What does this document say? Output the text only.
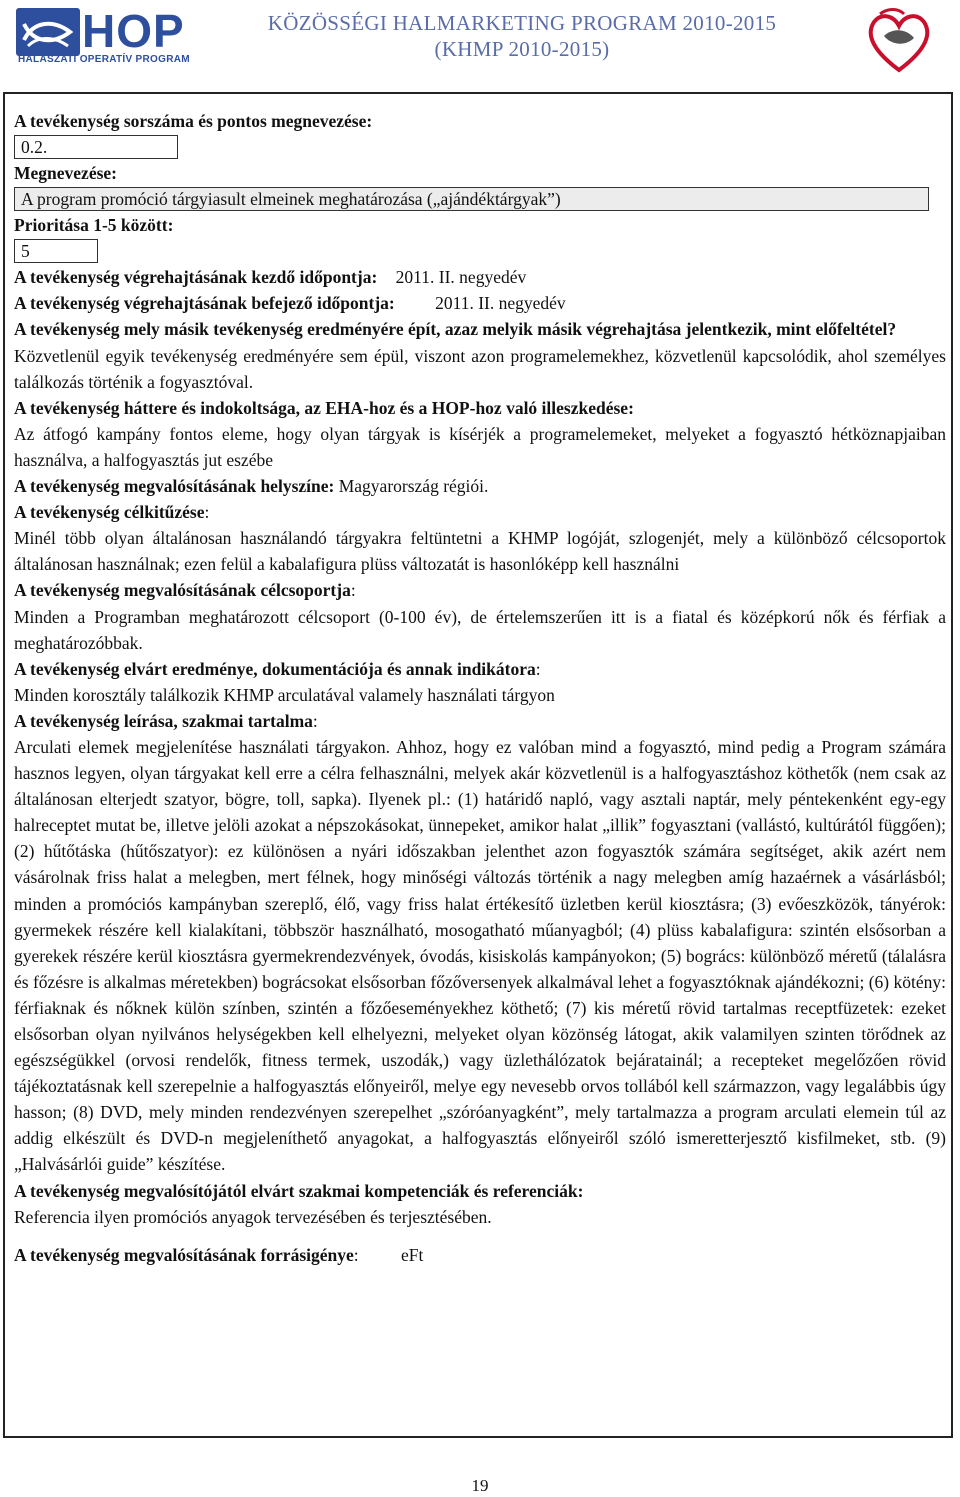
HOP
HALÁSZATI OPERATÍV PROGRAM
KÖZÖSSÉGI HALMARKETING PROGRAM 2010-2015
(KHMP 2010-2015)
A tevékenység sorszáma és pontos megnevezése:
0.2.
Megnevezése:
A program promóció tárgyiasult elmeinek meghatározása („ajándéktárgyak”)
Prioritása 1-5 között:
5
A tevékenység végrehajtásának kezdő időpontja: 2011. II. negyedév
A tevékenység végrehajtásának befejező időpontja: 2011. II. negyedév
A tevékenység mely másik tevékenység eredményére épít, azaz melyik másik végrehajtása jelentkezik, mint előfeltétel?
Közvetlenül egyik tevékenység eredményére sem épül, viszont azon programelemekhez, közvetlenül kapcsolódik, ahol személyes találkozás történik a fogyasztóval.
A tevékenység háttere és indokoltsága, az EHA-hoz és a HOP-hoz való illeszkedése:
Az átfogó kampány fontos eleme, hogy olyan tárgyak is kísérjék a programelemeket, melyeket a fogyasztó hétköznapjaiban használva, a halfogyasztás jut eszébe
A tevékenység megvalósításának helyszíne: Magyarország régiói.
A tevékenység célkitűzése:
Minél több olyan általánosan használandó tárgyakra feltüntetni a KHMP logóját, szlogenjét, mely a különböző célcsoportok általánosan használnak; ezen felül a kabalafigura plüss változatát is hasonlóképp kell használni
A tevékenység megvalósításának célcsoportja:
Minden a Programban meghatározott célcsoport (0-100 év), de értelemszerűen itt is a fiatal és középkorú nők és férfiak a meghatározóbbak.
A tevékenység elvárt eredménye, dokumentációja és annak indikátora:
Minden korosztály találkozik KHMP arculatával valamely használati tárgyon
A tevékenység leírása, szakmai tartalma:
Arculati elemek megjelenítése használati tárgyakon. Ahhoz, hogy ez valóban mind a fogyasztó, mind pedig a Program számára hasznos legyen, olyan tárgyakat kell erre a célra felhasználni, melyek akár közvetlenül is a halfogyasztáshoz köthetők (nem csak az általánosan elterjedt szatyor, bögre, toll, sapka). Ilyenek pl.: (1) határidő napló, vagy asztali naptár, mely péntekenként egy-egy halreceptet mutat be, illetve jelöli azokat a népszokásokat, ünnepeket, amikor halat „illik” fogyasztani (vallástó, kultúrától függően); (2) hűtőtáska (hűtőszatyor): ez különösen a nyári időszakban jelenthet azon fogyasztók számára segítséget, akik azért nem vásárolnak friss halat a melegben, mert félnek, hogy minőségi változás történik a nagy melegben amíg hazaérnek a vásárlásból; minden a promóciós kampányban szereplő, élő, vagy friss halat értékesítő üzletben kerül kiosztásra; (3) evőeszközök, tányérok: gyermekek részére kell kialakítani, többször használható, mosogatható műanyagból; (4) plüss kabalafigura: szintén elsősorban a gyerekek részére kerül kiosztásra gyermekrendezvények, óvodás, kisiskolás kampányokon; (5) bogrács: különböző méretű (tálalásra és főzésre is alkalmas méretekben) bográcsokat elsősorban főzőversenyek alkalmával lehet a fogyasztóknak ajándékozni; (6) kötény: férfiaknak és nőknek külön színben, szintén a főzőeseményekhez köthető; (7) kis méretű rövid tartalmas receptfüzetek: ezeket elsősorban olyan nyilvános helységekben kell elhelyezni, melyeket olyan közönség látogat, akik valamilyen szinten törődnek az egészségükkel (orvosi rendelők, fitness termek, uszodák,) vagy üzlethálózatok bejáratainál; a recepteket megelőzően rövid tájékoztatásnak kell szerepelnie a halfogyasztás előnyeiről, melye egy nevesebb orvos tollából kell származzon, vagy legalábbis úgy hasson; (8) DVD, mely minden rendezvényen szerepelhet „szóróanyagként”, mely tartalmazza a program arculati elemein túl az addig elkészült és DVD-n megjeleníthető anyagokat, a halfogyasztás előnyeiről szóló ismeretterjesztő kisfilmeket, stb. (9) „Halvásárlói guide” készítése.
A tevékenység megvalósítójától elvárt szakmai kompetenciák és referenciák:
Referencia ilyen promóciós anyagok tervezésében és terjesztésében.
A tevékenység megvalósításának forrásigénye: eFt
19
